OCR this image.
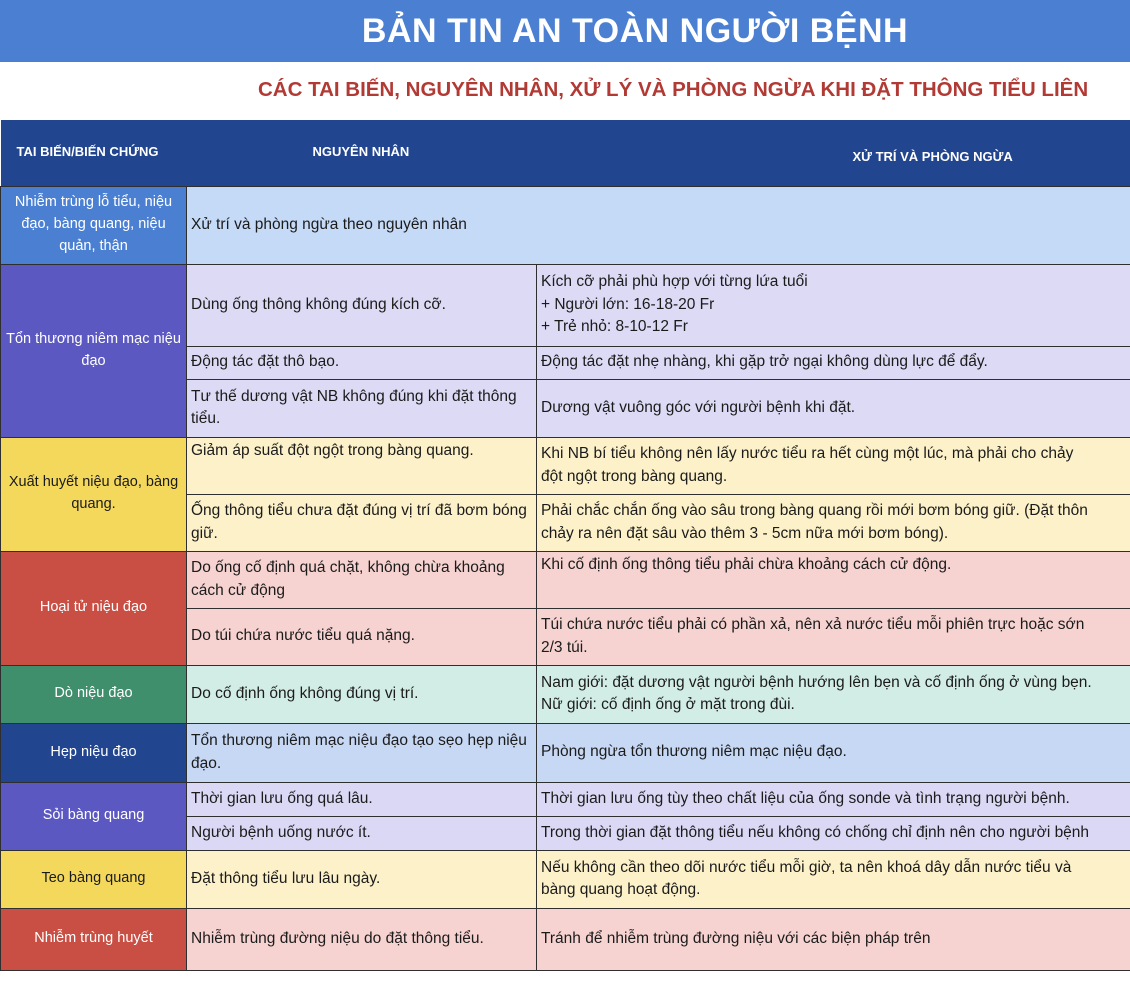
BẢN TIN AN TOÀN NGƯỜI BỆNH
CÁC TAI BIẾN, NGUYÊN NHÂN, XỬ LÝ VÀ PHÒNG NGỪA KHI ĐẶT THÔNG TIỂU LIÊN
TAI BIẾN/BIẾN CHỨNG	NGUYÊN NHÂN	XỬ TRÍ VÀ PHÒNG NGỪA
Nhiễm trùng lỗ tiểu, niệu đạo, bàng quang, niệu quản, thận	Xử trí và phòng ngừa theo nguyên nhân	
Tổn thương niêm mạc niệu đạo	Dùng ống thông không đúng kích cỡ.	Kích cỡ phải phù hợp với từng lứa tuổi
+ Người lớn: 16-18-20 Fr
+ Trẻ nhỏ: 8-10-12 Fr

	Động tác đặt thô bạo.	Động tác đặt nhẹ nhàng, khi gặp trở ngại không dùng lực để đẩy.

	Tư thế dương vật NB không đúng khi đặt thông tiểu.	Dương vật vuông góc với người bệnh khi đặt.

Xuất huyết niệu đạo, bàng quang.	Giảm áp suất đột ngột trong bàng quang.	Khi NB bí tiểu không nên lấy nước tiểu ra hết cùng một lúc, mà phải cho chảy
đột ngột trong bàng quang.

	Ống thông tiểu chưa đặt đúng vị trí đã bơm bóng giữ.	Phải chắc chắn ống vào sâu trong bàng quang rồi mới bơm bóng giữ. (Đặt thôn
chảy ra nên đặt sâu vào thêm 3 - 5cm nữa mới bơm bóng).

Hoại tử niệu đạo	Do ống cố định quá chặt, không chừa khoảng cách cử động	Khi cố định ống thông tiểu phải chừa khoảng cách cử động.

	Do túi chứa nước tiểu quá nặng.	Túi chứa nước tiểu phải có phần xả, nên xả nước tiểu mỗi phiên trực hoặc sớn
2/3 túi.

Dò niệu đạo	Do cố định ống không đúng vị trí.	Nam giới: đặt dương vật người bệnh hướng lên bẹn và cố định ống ở vùng bẹn.
Nữ giới: cố định ống ở mặt trong đùi.

Hẹp niệu đạo	Tổn thương niêm mạc niệu đạo tạo sẹo hẹp niệu đạo.	Phòng ngừa tổn thương niêm mạc niệu đạo.

Sỏi bàng quang	Thời gian lưu ống quá lâu.	Thời gian lưu ống tùy theo chất liệu của ống sonde và tình trạng người bệnh.

	Người bệnh uống nước ít.	Trong thời gian đặt thông tiểu nếu không có chống chỉ định nên cho người bệnh

Teo bàng quang	Đặt thông tiểu lưu lâu ngày.	Nếu không cần theo dõi nước tiểu mỗi giờ, ta nên khoá dây dẫn nước tiểu và
bàng quang hoạt động.

Nhiễm trùng huyết	Nhiễm trùng đường niệu do đặt thông tiểu.	Tránh để nhiễm trùng đường niệu với các biện pháp trên
